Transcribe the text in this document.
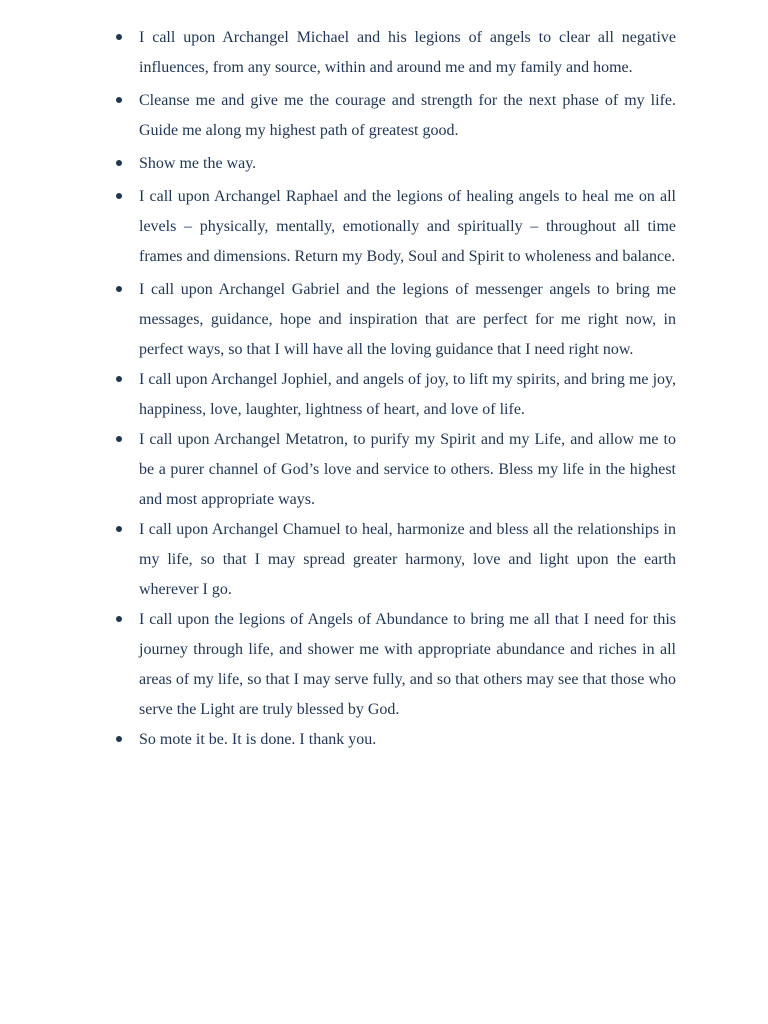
I call upon Archangel Michael and his legions of angels to clear all negative influences, from any source, within and around me and my family and home.
Cleanse me and give me the courage and strength for the next phase of my life. Guide me along my highest path of greatest good.
Show me the way.
I call upon Archangel Raphael and the legions of healing angels to heal me on all levels – physically, mentally, emotionally and spiritually – throughout all time frames and dimensions. Return my Body, Soul and Spirit to wholeness and balance.
I call upon Archangel Gabriel and the legions of messenger angels to bring me messages, guidance, hope and inspiration that are perfect for me right now, in perfect ways, so that I will have all the loving guidance that I need right now.
I call upon Archangel Jophiel, and angels of joy, to lift my spirits, and bring me joy, happiness, love, laughter, lightness of heart, and love of life.
I call upon Archangel Metatron, to purify my Spirit and my Life, and allow me to be a purer channel of God’s love and service to others. Bless my life in the highest and most appropriate ways.
I call upon Archangel Chamuel to heal, harmonize and bless all the relationships in my life, so that I may spread greater harmony, love and light upon the earth wherever I go.
I call upon the legions of Angels of Abundance to bring me all that I need for this journey through life, and shower me with appropriate abundance and riches in all areas of my life, so that I may serve fully, and so that others may see that those who serve the Light are truly blessed by God.
So mote it be. It is done. I thank you.
